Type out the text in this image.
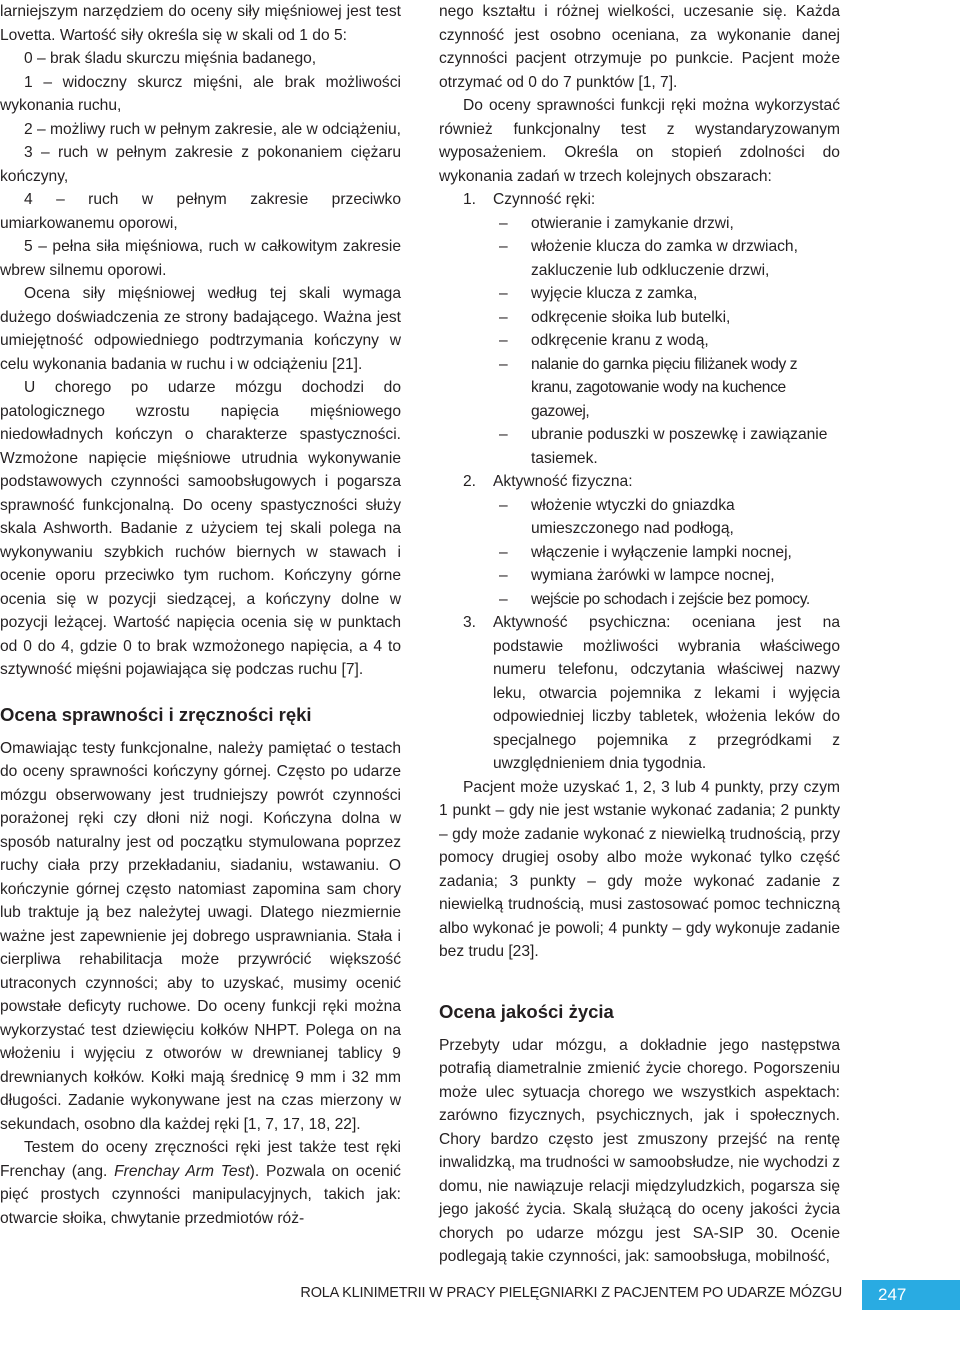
larniejszym narzędziem do oceny siły mięśniowej jest test Lovetta. Wartość siły określa się w skali od 1 do 5:

0 – brak śladu skurczu mięśnia badanego,

1 – widoczny skurcz mięśni, ale brak możliwości wykonania ruchu,

2 – możliwy ruch w pełnym zakresie, ale w odciążeniu,

3 – ruch w pełnym zakresie z pokonaniem ciężaru kończyny,

4 – ruch w pełnym zakresie przeciwko umiarkowanemu oporowi,

5 – pełna siła mięśniowa, ruch w całkowitym zakresie wbrew silnemu oporowi.

Ocena siły mięśniowej według tej skali wymaga dużego doświadczenia ze strony badającego. Ważna jest umiejętność odpowiedniego podtrzymania kończyny w celu wykonania badania w ruchu i w odciążeniu [21].

U chorego po udarze mózgu dochodzi do patologicznego wzrostu napięcia mięśniowego niedowładnych kończyn o charakterze spastyczności. Wzmożone napięcie mięśniowe utrudnia wykonywanie podstawowych czynności samoobsługowych i pogarsza sprawność funkcjonalną. Do oceny spastyczności służy skala Ashworth. Badanie z użyciem tej skali polega na wykonywaniu szybkich ruchów biernych w stawach i ocenie oporu przeciwko tym ruchom. Kończyny górne ocenia się w pozycji siedzącej, a kończyny dolne w pozycji leżącej. Wartość napięcia ocenia się w punktach od 0 do 4, gdzie 0 to brak wzmożonego napięcia, a 4 to sztywność mięśni pojawiająca się podczas ruchu [7].

Ocena sprawności i zręczności ręki

Omawiając testy funkcjonalne, należy pamiętać o testach do oceny sprawności kończyny górnej. Często po udarze mózgu obserwowany jest trudniejszy powrót czynności porażonej ręki czy dłoni niż nogi. Kończyna dolna w sposób naturalny jest od początku stymulowana poprzez ruchy ciała przy przekładaniu, siadaniu, wstawaniu. O kończynie górnej często natomiast zapomina sam chory lub traktuje ją bez należytej uwagi. Dlatego niezmiernie ważne jest zapewnienie jej dobrego usprawniania. Stała i cierpliwa rehabilitacja może przywrócić większość utraconych czynności; aby to uzyskać, musimy ocenić powstałe deficyty ruchowe. Do oceny funkcji ręki można wykorzystać test dziewięciu kołków NHPT. Polega on na włożeniu i wyjęciu z otworów w drewnianej tablicy 9 drewnianych kołków. Kołki mają średnicę 9 mm i 32 mm długości. Zadanie wykonywane jest na czas mierzony w sekundach, osobno dla każdej ręki [1, 7, 17, 18, 22].

Testem do oceny zręczności ręki jest także test ręki Frenchay (ang. Frenchay Arm Test). Pozwala on ocenić pięć prostych czynności manipulacyjnych, takich jak: otwarcie słoika, chwytanie przedmiotów róż-

nego kształtu i różnej wielkości, uczesanie się. Każda czynność jest osobno oceniana, za wykonanie danej czynności pacjent otrzymuje po punkcie. Pacjent może otrzymać od 0 do 7 punktów [1, 7].

Do oceny sprawności funkcji ręki można wykorzystać również funkcjonalny test z wystandaryzowanym wyposażeniem. Określa on stopień zdolności do wykonania zadań w trzech kolejnych obszarach:

1. Czynność ręki:

– otwieranie i zamykanie drzwi,
– włożenie klucza do zamka w drzwiach, zakluczenie lub odkluczenie drzwi,
– wyjęcie klucza z zamka,
– odkręcenie słoika lub butelki,
– odkręcenie kranu z wodą,
– nalanie do garnka pięciu filiżanek wody z kranu, zagotowanie wody na kuchence gazowej,
– ubranie poduszki w poszewkę i zawiązanie tasiemek.
2. Aktywność fizyczna:

– włożenie wtyczki do gniazdka umieszczonego nad podłogą,
– włączenie i wyłączenie lampki nocnej,
– wymiana żarówki w lampce nocnej,
– wejście po schodach i zejście bez pomocy.
3. Aktywność psychiczna: oceniana jest na podstawie możliwości wybrania właściwego numeru telefonu, odczytania właściwej nazwy leku, otwarcia pojemnika z lekami i wyjęcia odpowiedniej liczby tabletek, włożenia leków do specjalnego pojemnika z przegródkami z uwzględnieniem dnia tygodnia.

Pacjent może uzyskać 1, 2, 3 lub 4 punkty, przy czym 1 punkt – gdy nie jest wstanie wykonać zadania; 2 punkty – gdy może zadanie wykonać z niewielką trudnością, przy pomocy drugiej osoby albo może wykonać tylko część zadania; 3 punkty – gdy może wykonać zadanie z niewielką trudnością, musi zastosować pomoc techniczną albo wykonać je powoli; 4 punkty – gdy wykonuje zadanie bez trudu [23].

Ocena jakości życia

Przebyty udar mózgu, a dokładnie jego następstwa potrafią diametralnie zmienić życie chorego. Pogorszeniu może ulec sytuacja chorego we wszystkich aspektach: zarówno fizycznych, psychicznych, jak i społecznych. Chory bardzo często jest zmuszony przejść na rentę inwalidzką, ma trudności w samoobsłudze, nie wychodzi z domu, nie nawiązuje relacji międzyludzkich, pogarsza się jego jakość życia. Skalą służącą do oceny jakości życia chorych po udarze mózgu jest SA-SIP 30. Ocenie podlegają takie czynności, jak: samoobsługa, mobilność,

ROLA KLINIMETRII W PRACY PIELĘGNIARKI Z PACJENTEM PO UDARZE MÓZGU	247
